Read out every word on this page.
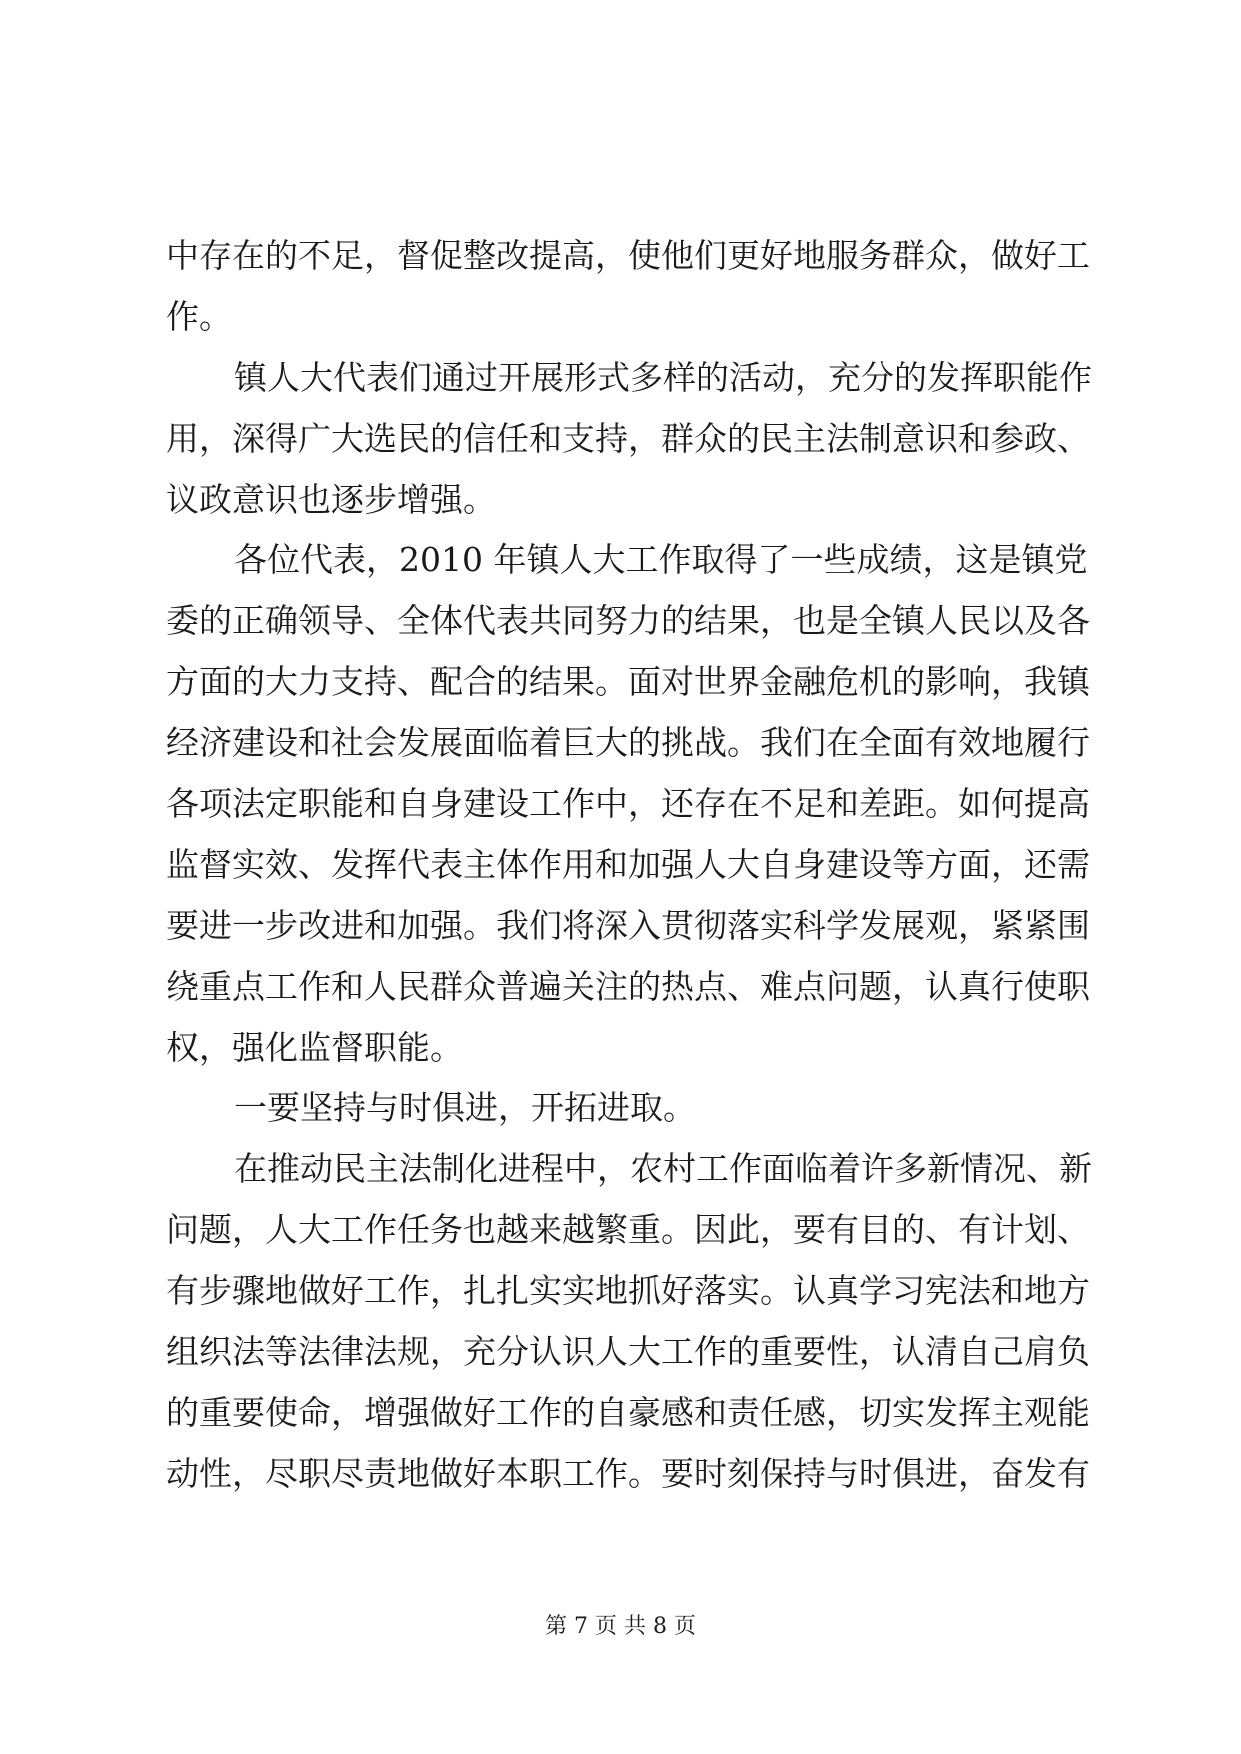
中存在的不足，督促整改提高，使他们更好地服务群众，做好工
作。
镇人大代表们通过开展形式多样的活动，充分的发挥职能作
用，深得广大选民的信任和支持，群众的民主法制意识和参政、
议政意识也逐步增强。
各位代表，2010 年镇人大工作取得了一些成绩，这是镇党
委的正确领导、全体代表共同努力的结果，也是全镇人民以及各
方面的大力支持、配合的结果。面对世界金融危机的影响，我镇
经济建设和社会发展面临着巨大的挑战。我们在全面有效地履行
各项法定职能和自身建设工作中，还存在不足和差距。如何提高
监督实效、发挥代表主体作用和加强人大自身建设等方面，还需
要进一步改进和加强。我们将深入贯彻落实科学发展观，紧紧围
绕重点工作和人民群众普遍关注的热点、难点问题，认真行使职
权，强化监督职能。
一要坚持与时俱进，开拓进取。
在推动民主法制化进程中，农村工作面临着许多新情况、新
问题，人大工作任务也越来越繁重。因此，要有目的、有计划、
有步骤地做好工作，扎扎实实地抓好落实。认真学习宪法和地方
组织法等法律法规，充分认识人大工作的重要性，认清自己肩负
的重要使命，增强做好工作的自豪感和责任感，切实发挥主观能
动性，尽职尽责地做好本职工作。要时刻保持与时俱进，奋发有
第 7 页 共 8 页
